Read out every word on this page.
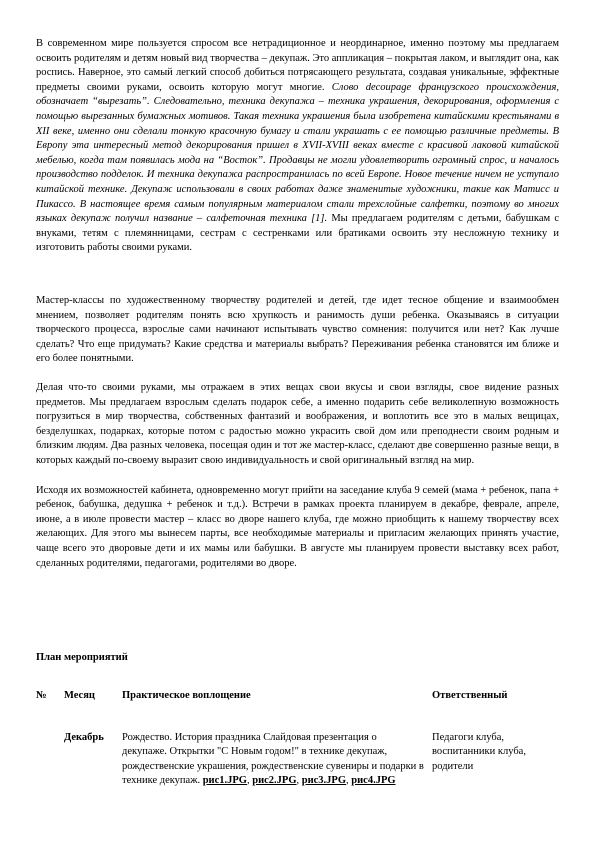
В современном мире пользуется спросом все нетрадиционное и неординарное, именно поэтому мы предлагаем освоить родителям и детям новый вид творчества – декупаж. Это аппликация – покрытая лаком, и выглядит она, как роспись. Наверное, это самый легкий способ добиться потрясающего результата, создавая уникальные, эффектные предметы своими руками, освоить которую могут многие. Слово decoupage французского происхождения, обозначает “вырезать”. Следовательно, техника декупажа – техника украшения, декорирования, оформления с помощью вырезанных бумажных мотивов. Такая техника украшения была изобретена китайскими крестьянами в XII веке, именно они сделали тонкую красочную бумагу и стали украшать с ее помощью различные предметы. В Европу эта интересный метод декорирования пришел в XVII-XVIII веках вместе с красивой лаковой китайской мебелью, когда там появилась мода на “Восток”. Продавцы не могли удовлетворить огромный спрос, и началось производство подделок. И техника декупажа распространилась по всей Европе. Новое течение ничем не уступало китайской технике. Декупаж использовали в своих работах даже знаменитые художники, такие как Матисс и Пикассо. В настоящее время самым популярным материалом стали трехслойные салфетки, поэтому во многих языках декупаж получил название – салфеточная техника [1]. Мы предлагаем родителям с детьми, бабушкам с внуками, тетям с племянницами, сестрам с сестренками или братиками освоить эту несложную технику и изготовить работы своими руками.

Мастер-классы по художественному творчеству родителей и детей, где идет тесное общение и взаимообмен мнением, позволяет родителям понять всю хрупкость и ранимость души ребенка. Оказываясь в ситуации творческого процесса, взрослые сами начинают испытывать чувство сомнения: получится или нет? Как лучше сделать? Что еще придумать? Какие средства и материалы выбрать? Переживания ребенка становятся им ближе и его более понятными.

Делая что-то своими руками, мы отражаем в этих вещах свои вкусы и свои взгляды, свое видение разных предметов. Мы предлагаем взрослым сделать подарок себе, а именно подарить себе великолепную возможность погрузиться в мир творчества, собственных фантазий и воображения, и воплотить все это в малых вещицах, безделушках, подарках, которые потом с радостью можно украсить свой дом или преподнести своим родным и близким людям. Два разных человека, посещая один и тот же мастер-класс, сделают две совершенно разные вещи, в которых каждый по-своему выразит свою индивидуальность и свой оригинальный взгляд на мир.

Исходя их возможностей кабинета, одновременно могут прийти на заседание клуба 9 семей (мама + ребенок, папа + ребенок, бабушка, дедушка + ребенок и т.д.). Встречи в рамках проекта планируем в декабре, феврале, апреле, июне, а в июле провести мастер – класс во дворе нашего клуба, где можно приобщить к нашему творчеству всех желающих. Для этого мы вынесем парты, все необходимые материалы и пригласим желающих принять участие, чаще всего это дворовые дети и их мамы или бабушки. В августе мы планируем провести выставку всех работ, сделанных родителями, педагогами, родителями во дворе.

План мероприятий

№ Месяц	Практическое воплощение	Ответственный
Декабрь Рождество. История праздника Слайдовая презентация о декупаже. Открытки "С Новым годом!" в технике декупаж, рождественские украшения, рождественские сувениры и подарки в технике декупаж. рис1.JPG, рис2.JPG, рис3.JPG, рис4.JPG
Педагоги клуба, воспитанники клуба, родители
